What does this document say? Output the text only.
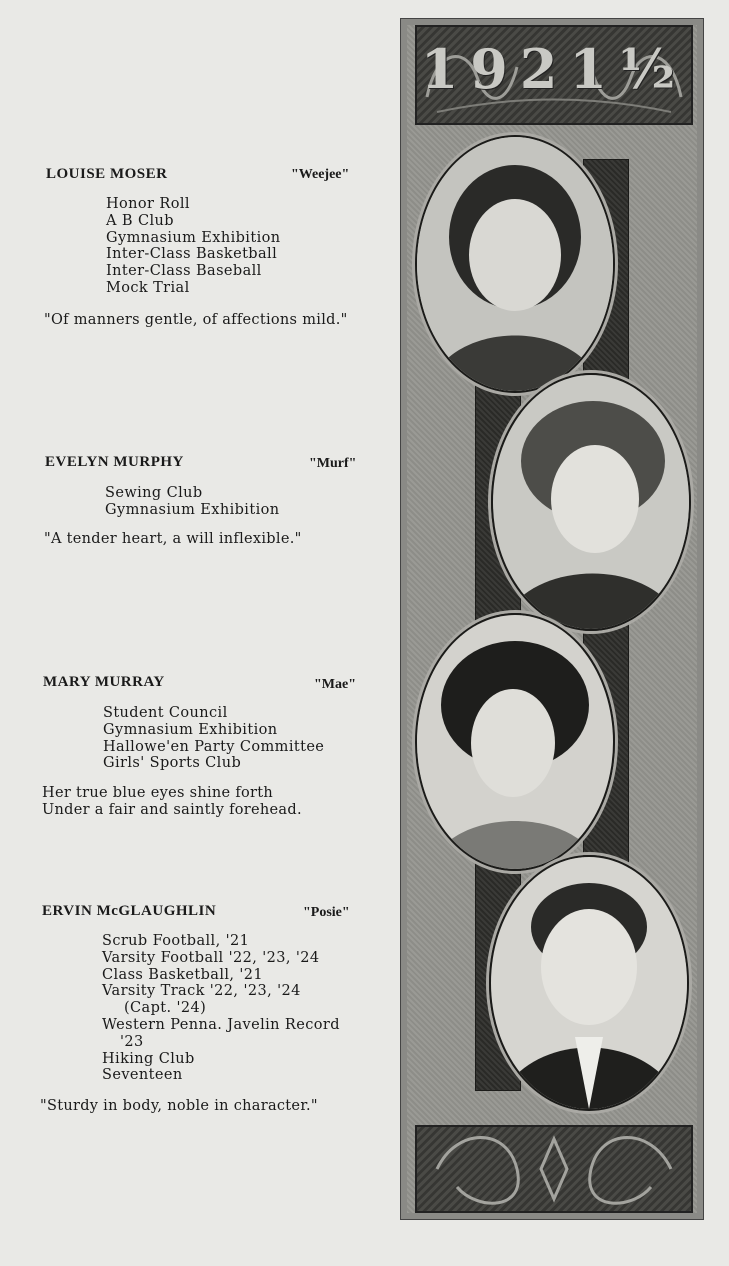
LOUISE MOSER	"Weejee"
Honor Roll
A B Club
Gymnasium Exhibition
Inter-Class Basketball
Inter-Class Baseball
Mock Trial
"Of manners gentle, of affections mild."
EVELYN MURPHY	"Murf"
Sewing Club
Gymnasium Exhibition
"A tender heart, a will inflexible."
MARY MURRAY	"Mae"
Student Council
Gymnasium Exhibition
Hallowe'en Party Committee
Girls' Sports Club
Her true blue eyes shine forth
Under a fair and saintly forehead.
ERVIN McGLAUGHLIN	"Posie"
Scrub Football, '21
Varsity Football '22, '23, '24
Class Basketball, '21
Varsity Track '22, '23, '24
(Capt. '24)
Western Penna. Javelin Record
'23
Hiking Club
Seventeen
"Sturdy in body, noble in character."
1921½
